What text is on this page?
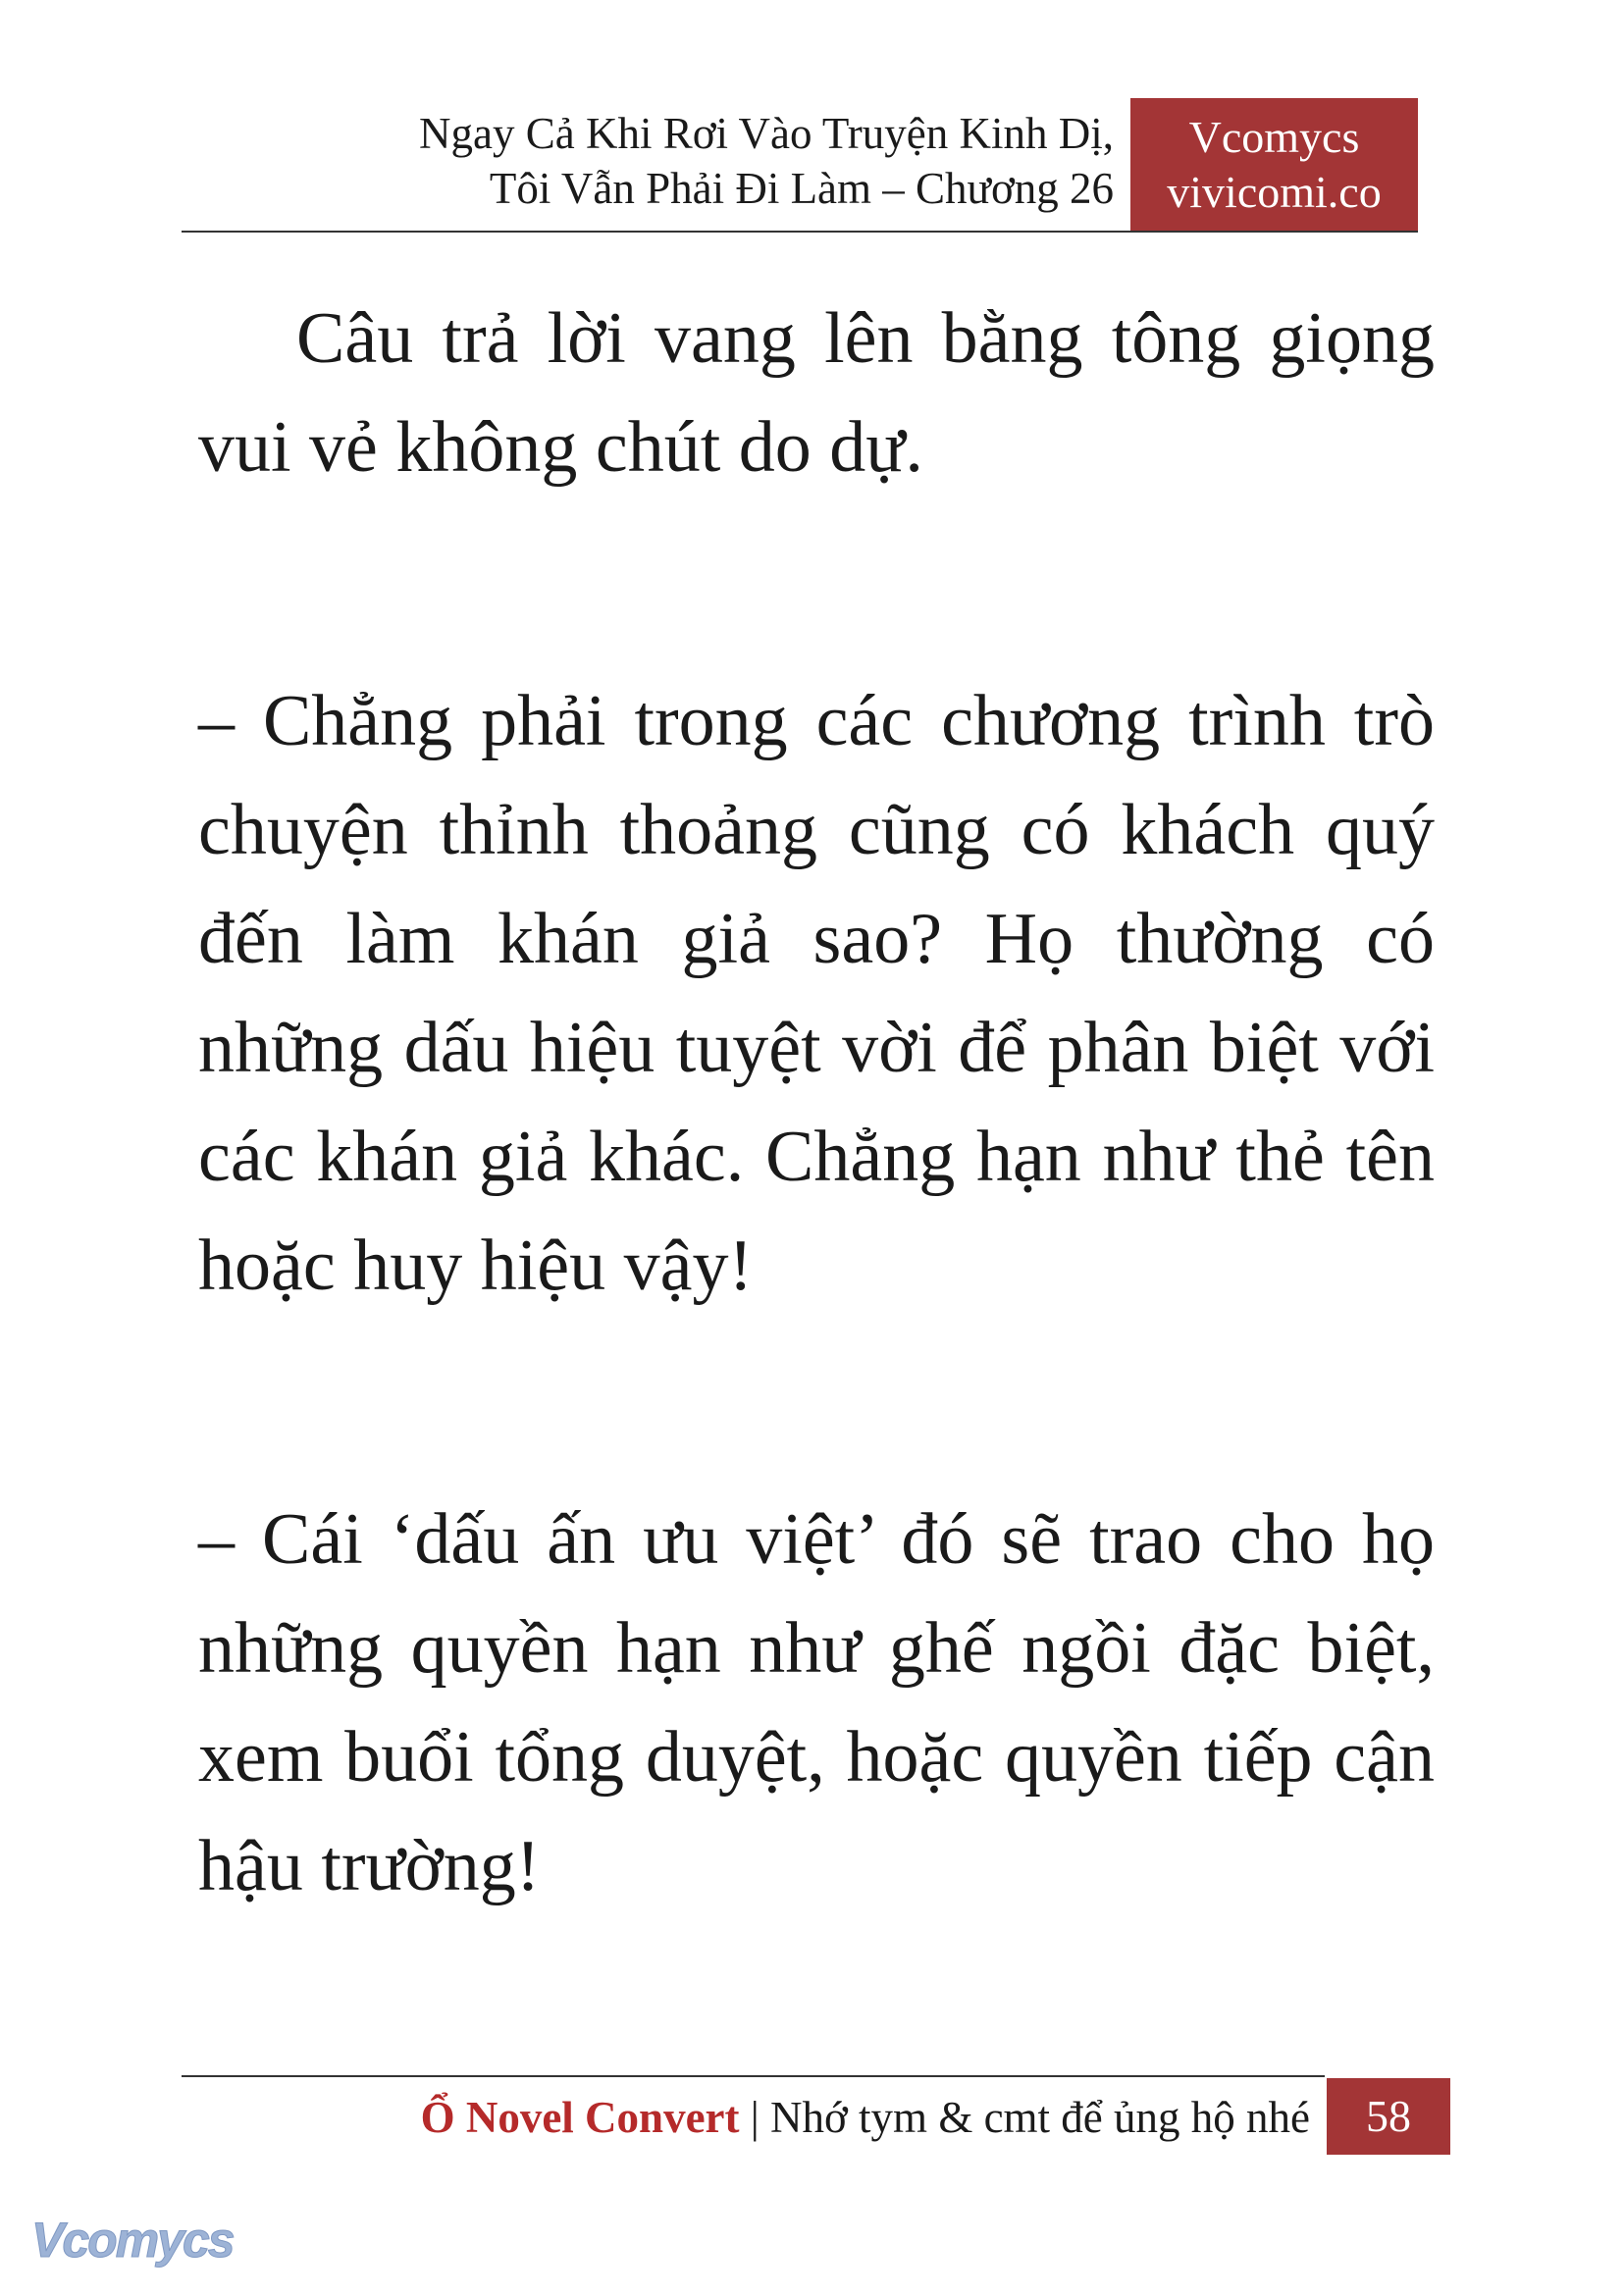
Ngay Cả Khi Rơi Vào Truyện Kinh Dị,
Tôi Vẫn Phải Đi Làm – Chương 26
Vcomycs
vivicomi.co

Câu trả lời vang lên bằng tông giọng vui vẻ không chút do dự.

– Chẳng phải trong các chương trình trò chuyện thỉnh thoảng cũng có khách quý đến làm khán giả sao? Họ thường có những dấu hiệu tuyệt vời để phân biệt với các khán giả khác. Chẳng hạn như thẻ tên hoặc huy hiệu vậy!

– Cái ‘dấu ấn ưu việt’ đó sẽ trao cho họ những quyền hạn như ghế ngồi đặc biệt, xem buổi tổng duyệt, hoặc quyền tiếp cận hậu trường!

Ổ Novel Convert | Nhớ tym & cmt để ủng hộ nhé	58
Vcomycs
